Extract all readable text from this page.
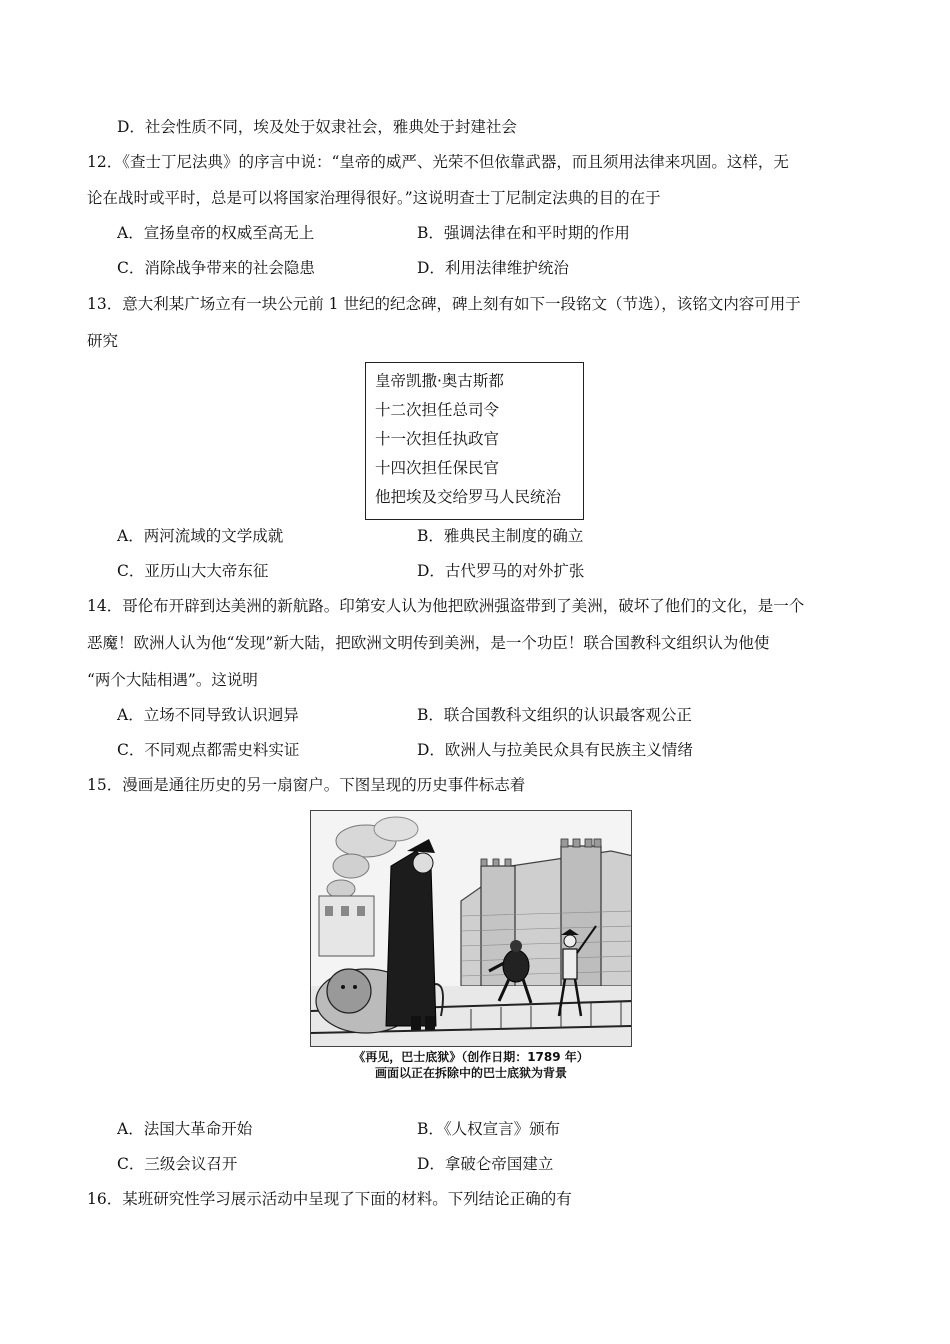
D．社会性质不同，埃及处于奴隶社会，雅典处于封建社会
12．《查士丁尼法典》的序言中说：“皇帝的威严、光荣不但依靠武器，而且须用法律来巩固。这样，无
论在战时或平时，总是可以将国家治理得很好。”这说明查士丁尼制定法典的目的在于
A．宣扬皇帝的权威至高无上	B．强调法律在和平时期的作用
C．消除战争带来的社会隐患	D．利用法律维护统治
13．意大利某广场立有一块公元前 1 世纪的纪念碑，碑上刻有如下一段铭文（节选），该铭文内容可用于
研究
皇帝凯撒·奥古斯都
十二次担任总司令
十一次担任执政官
十四次担任保民官
他把埃及交给罗马人民统治
A．两河流域的文学成就	B．雅典民主制度的确立
C．亚历山大大帝东征	D．古代罗马的对外扩张
14．哥伦布开辟到达美洲的新航路。印第安人认为他把欧洲强盗带到了美洲，破坏了他们的文化，是一个
恶魔！欧洲人认为他“发现”新大陆，把欧洲文明传到美洲，是一个功臣！联合国教科文组织认为他使
“两个大陆相遇”。这说明
A．立场不同导致认识迥异	B．联合国教科文组织的认识最客观公正
C．不同观点都需史料实证	D．欧洲人与拉美民众具有民族主义情绪
15．漫画是通往历史的另一扇窗户。下图呈现的历史事件标志着
《再见，巴士底狱》（创作日期：1789 年）
画面以正在拆除中的巴士底狱为背景
A．法国大革命开始	B．《人权宣言》颁布
C．三级会议召开	D．拿破仑帝国建立
16．某班研究性学习展示活动中呈现了下面的材料。下列结论正确的有
